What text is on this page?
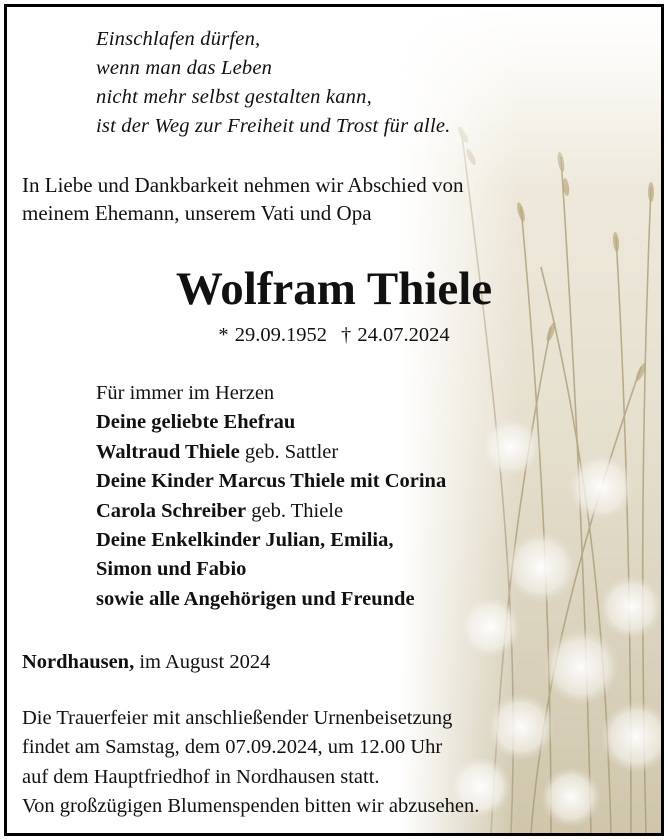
Einschlafen dürfen,
wenn man das Leben
nicht mehr selbst gestalten kann,
ist der Weg zur Freiheit und Trost für alle.
In Liebe und Dankbarkeit nehmen wir Abschied von
meinem Ehemann, unserem Vati und Opa
Wolfram Thiele
* 29.09.1952 † 24.07.2024
Für immer im Herzen
Deine geliebte Ehefrau
Waltraud Thiele geb. Sattler
Deine Kinder Marcus Thiele mit Corina
Carola Schreiber geb. Thiele
Deine Enkelkinder Julian, Emilia,
Simon und Fabio
sowie alle Angehörigen und Freunde
Nordhausen, im August 2024
Die Trauerfeier mit anschließender Urnenbeisetzung
findet am Samstag, dem 07.09.2024, um 12.00 Uhr
auf dem Hauptfriedhof in Nordhausen statt.
Von großzügigen Blumenspenden bitten wir abzusehen.
